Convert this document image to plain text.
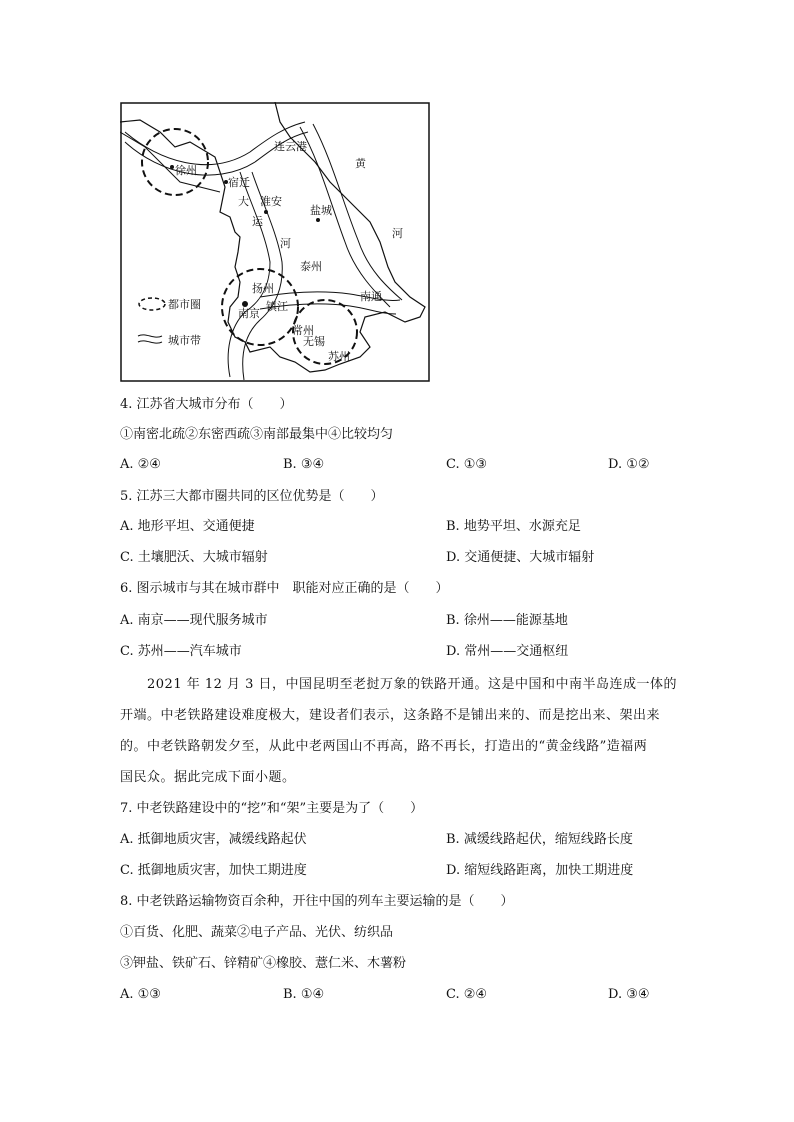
徐州
连云港
宿迁
淮安
盐城
黄
河
大
运
河
泰州
扬州
镇江
南京
南通
常州
无锡
苏州
都市圈
城市带
4. 江苏省大城市分布（　　）
①南密北疏②东密西疏③南部最集中④比较均匀
A. ②④	B. ③④	C. ①③	D. ①②
5. 江苏三大都市圈共同的区位优势是（　　）
A. 地形平坦、交通便捷	B. 地势平坦、水源充足
C. 土壤肥沃、大城市辐射	D. 交通便捷、大城市辐射
6. 图示城市与其在城市群中　职能对应正确的是（　　）
A. 南京——现代服务城市	B. 徐州——能源基地
C. 苏州——汽车城市	D. 常州——交通枢纽
　　2021 年 12 月 3 日，中国昆明至老挝万象的铁路开通。这是中国和中南半岛连成一体的
开端。中老铁路建设难度极大，建设者们表示，这条路不是铺出来的、而是挖出来、架出来
的。中老铁路朝发夕至，从此中老两国山不再高，路不再长，打造出的“黄金线路”造福两
国民众。据此完成下面小题。
7. 中老铁路建设中的“挖”和“架”主要是为了（　　）
A. 抵御地质灾害，减缓线路起伏	B. 减缓线路起伏，缩短线路长度
C. 抵御地质灾害，加快工期进度	D. 缩短线路距离，加快工期进度
8. 中老铁路运输物资百余种，开往中国的列车主要运输的是（　　）
①百货、化肥、蔬菜②电子产品、光伏、纺织品
③钾盐、铁矿石、锌精矿④橡胶、薏仁米、木薯粉
A. ①③	B. ①④	C. ②④	D. ③④
